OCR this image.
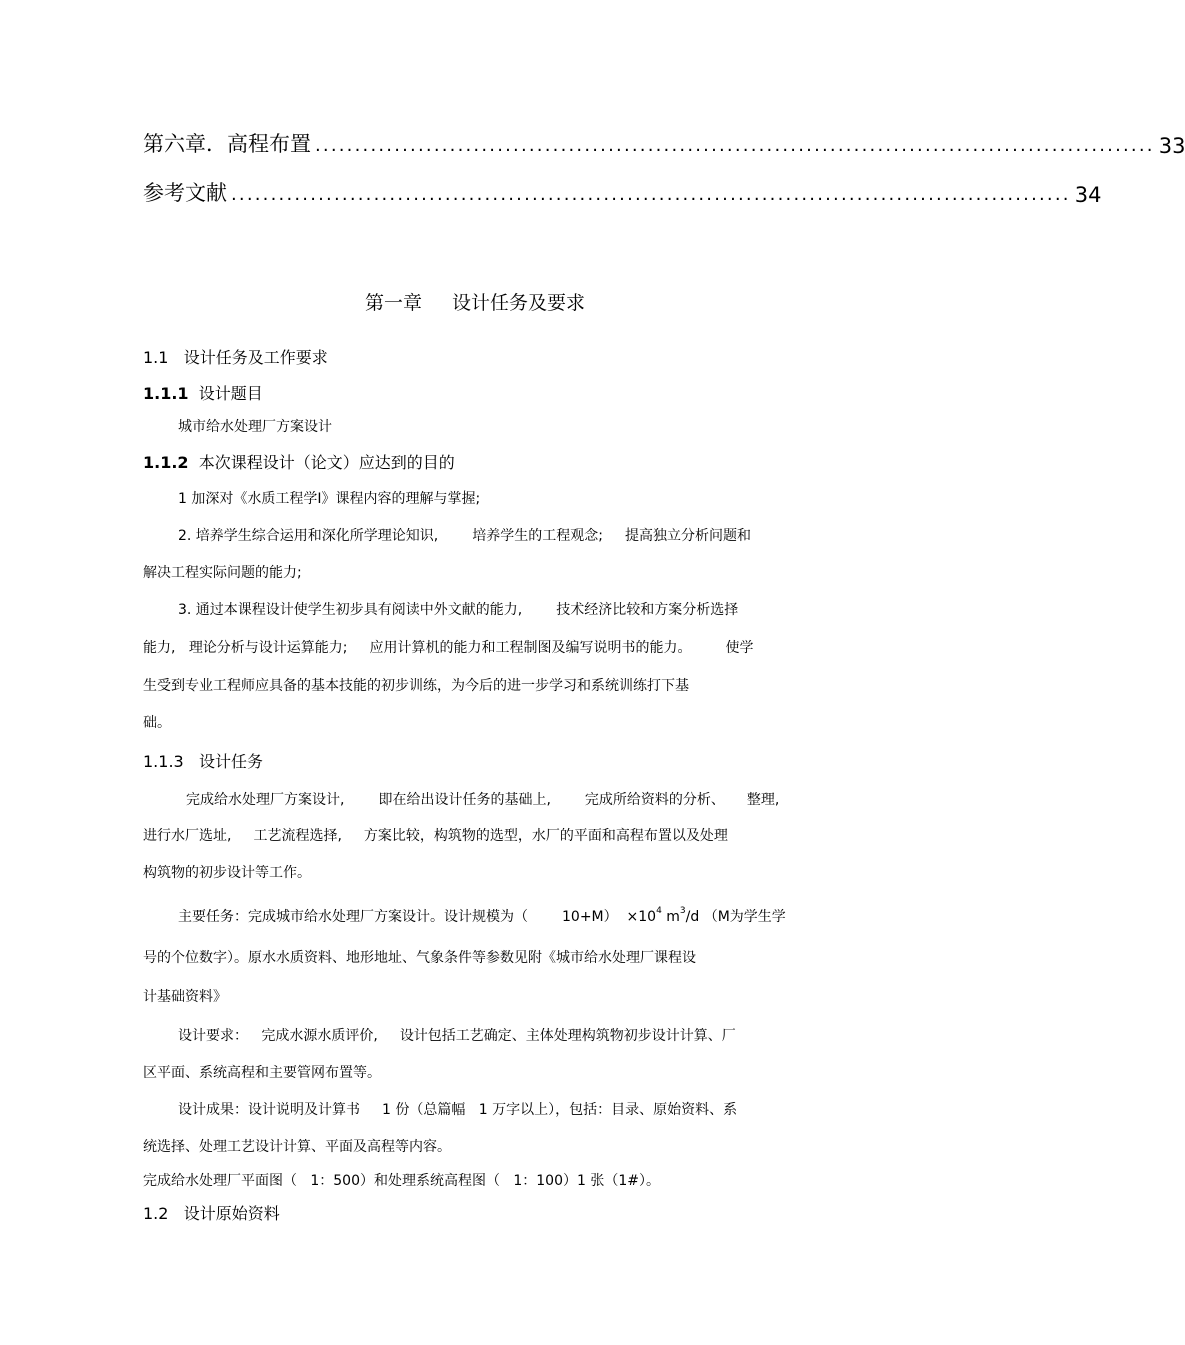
第六章．高程布置 .......................................................................................................... 33
参考文献 .......................................................................................................... 34
第一章 设计任务及要求
1.1 设计任务及工作要求
1.1.1 设计题目
城市给水处理厂方案设计
1.1.2 本次课程设计（论文）应达到的目的
1 加深对《水质工程学Ⅰ》课程内容的理解与掌握;
2. 培养学生综合运用和深化所学理论知识, 培养学生的工程观念; 提高独立分析问题和
解决工程实际问题的能力;
3. 通过本课程设计使学生初步具有阅读中外文献的能力, 技术经济比较和方案分析选择
能力, 理论分析与设计运算能力; 应用计算机的能力和工程制图及编写说明书的能力。 使学
生受到专业工程师应具备的基本技能的初步训练，为今后的进一步学习和系统训练打下基
础。
1.1.3 设计任务
完成给水处理厂方案设计, 即在给出设计任务的基础上, 完成所给资料的分析、 整理,
进行水厂选址, 工艺流程选择, 方案比较，构筑物的选型，水厂的平面和高程布置以及处理
构筑物的初步设计等工作。
主要任务：完成城市给水处理厂方案设计。设计规模为（ $10+M) \times 10^4$ $m^3/d$ （M为学生学
号的个位数字）。原水水质资料、地形地址、气象条件等参数见附《城市给水处理厂课程设
计基础资料》
设计要求： 完成水源水质评价, 设计包括工艺确定、主体处理构筑物初步设计计算、厂
区平面、系统高程和主要管网布置等。
设计成果：设计说明及计算书 1 份（总篇幅 1 万字以上），包括：目录、原始资料、系
统选择、处理工艺设计计算、平面及高程等内容。
完成给水处理厂平面图（ 1：500）和处理系统高程图（ 1：100）1 张（1#）。
1.2 设计原始资料
